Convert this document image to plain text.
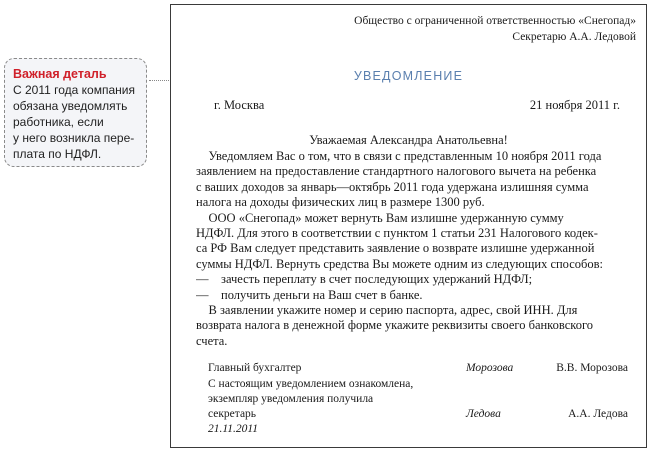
Важная деталь
С 2011 года компания
обязана уведомлять
работника, если
у него возникла пере-
плата по НДФЛ.
Общество с ограниченной ответственностью «Снегопад»
Секретарю А.А. Ледовой
УВЕДОМЛЕНИЕ
г. Москва	21 ноября 2011 г.
Уважаемая Александра Анатольевна!
Уведомляем Вас о том, что в связи с представленным 10 ноября 2011 года
заявлением на предоставление стандартного налогового вычета на ребенка
с ваших доходов за январь—октябрь 2011 года удержана излишняя сумма
налога на доходы физических лиц в размере 1300 руб.
ООО «Снегопад» может вернуть Вам излишне удержанную сумму
НДФЛ. Для этого в соответствии с пунктом 1 статьи 231 Налогового кодек-
са РФ Вам следует представить заявление о возврате излишне удержанной
суммы НДФЛ. Вернуть средства Вы можете одним из следующих способов:
—    зачесть переплату в счет последующих удержаний НДФЛ;
—    получить деньги на Ваш счет в банке.
В заявлении укажите номер и серию паспорта, адрес, свой ИНН. Для
возврата налога в денежной форме укажите реквизиты своего банковского
счета.
Главный бухгалтер	Морозова	В.В. Морозова
С настоящим уведомлением ознакомлена,
экземпляр уведомления получила
секретарь	Ледова	А.А. Ледова
21.11.2011
